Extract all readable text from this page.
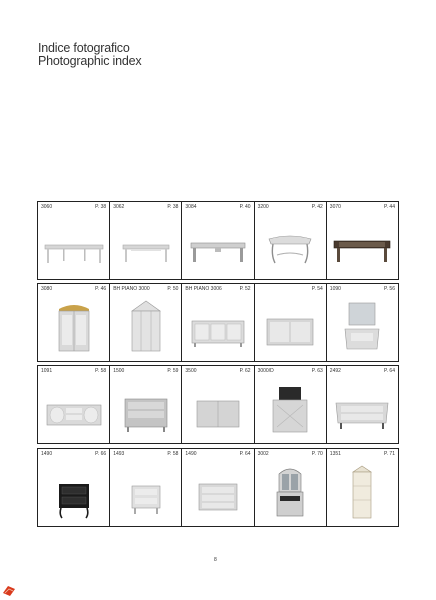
Indice fotografico
Photographic index
3060	P. 38 3062	P. 38 3084	P. 40 3200	P. 42 3070	P. 44
3080	P. 46 BH PIANO 3000	P. 50 BH PIANO 3006	P. 52	P. 54 1090	P. 56
1091	P. 58 1500	P. 59 3500	P. 62 3000/D	P. 63 2492	P. 64
1490	P. 66 1493	P. 58 1490	P. 64 3002	P. 70 1351	P. 71
8
